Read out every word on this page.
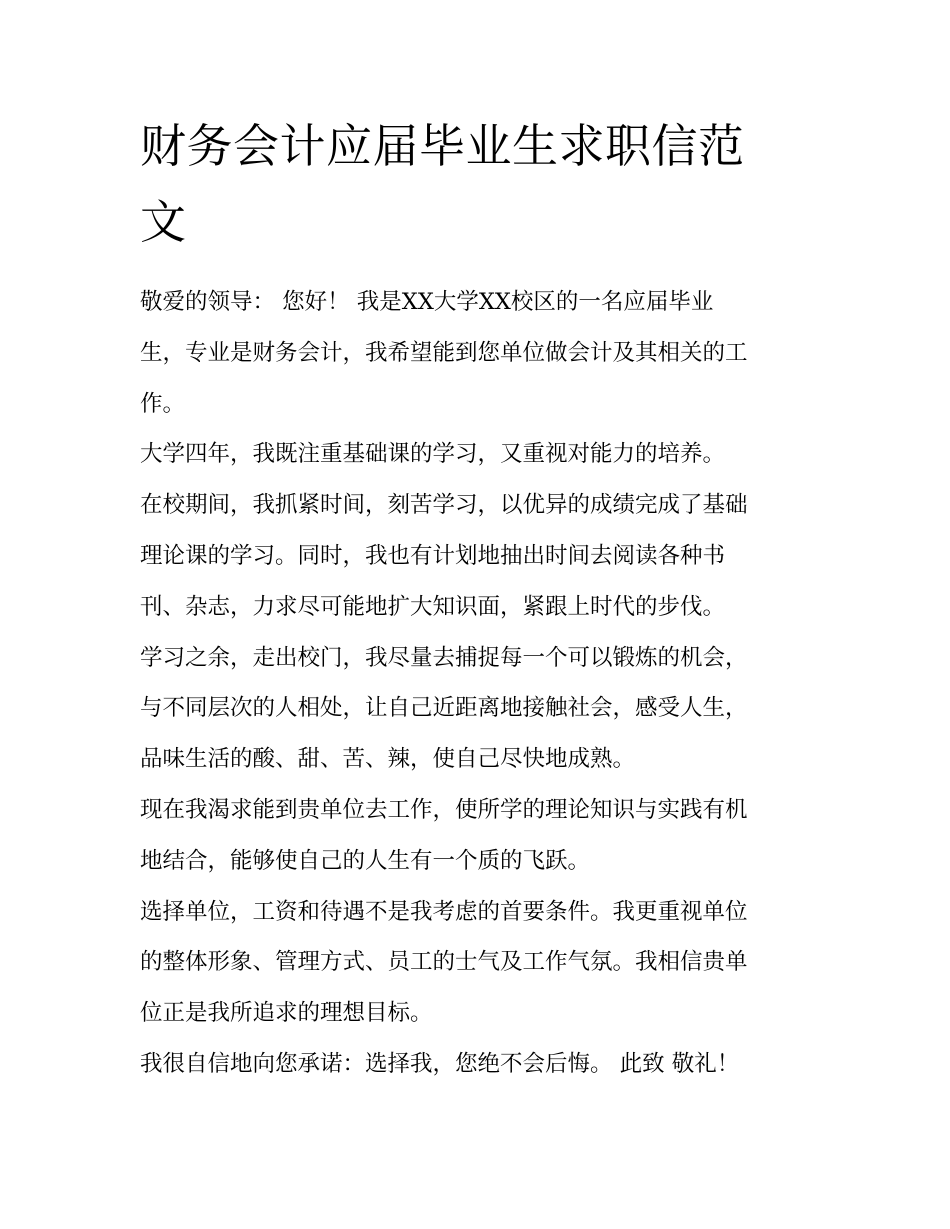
财务会计应届毕业生求职信范
文

敬爱的领导： 您好！ 我是XX大学XX校区的一名应届毕业
生，专业是财务会计，我希望能到您单位做会计及其相关的工
作。

大学四年，我既注重基础课的学习，又重视对能力的培养。

在校期间，我抓紧时间，刻苦学习，以优异的成绩完成了基础
理论课的学习。同时，我也有计划地抽出时间去阅读各种书
刊、杂志，力求尽可能地扩大知识面，紧跟上时代的步伐。

学习之余，走出校门，我尽量去捕捉每一个可以锻炼的机会，
与不同层次的人相处，让自己近距离地接触社会，感受人生，
品味生活的酸、甜、苦、辣，使自己尽快地成熟。

现在我渴求能到贵单位去工作，使所学的理论知识与实践有机
地结合，能够使自己的人生有一个质的飞跃。

选择单位，工资和待遇不是我考虑的首要条件。我更重视单位
的整体形象、管理方式、员工的士气及工作气氛。我相信贵单
位正是我所追求的理想目标。

我很自信地向您承诺：选择我，您绝不会后悔。 此致 敬礼！
